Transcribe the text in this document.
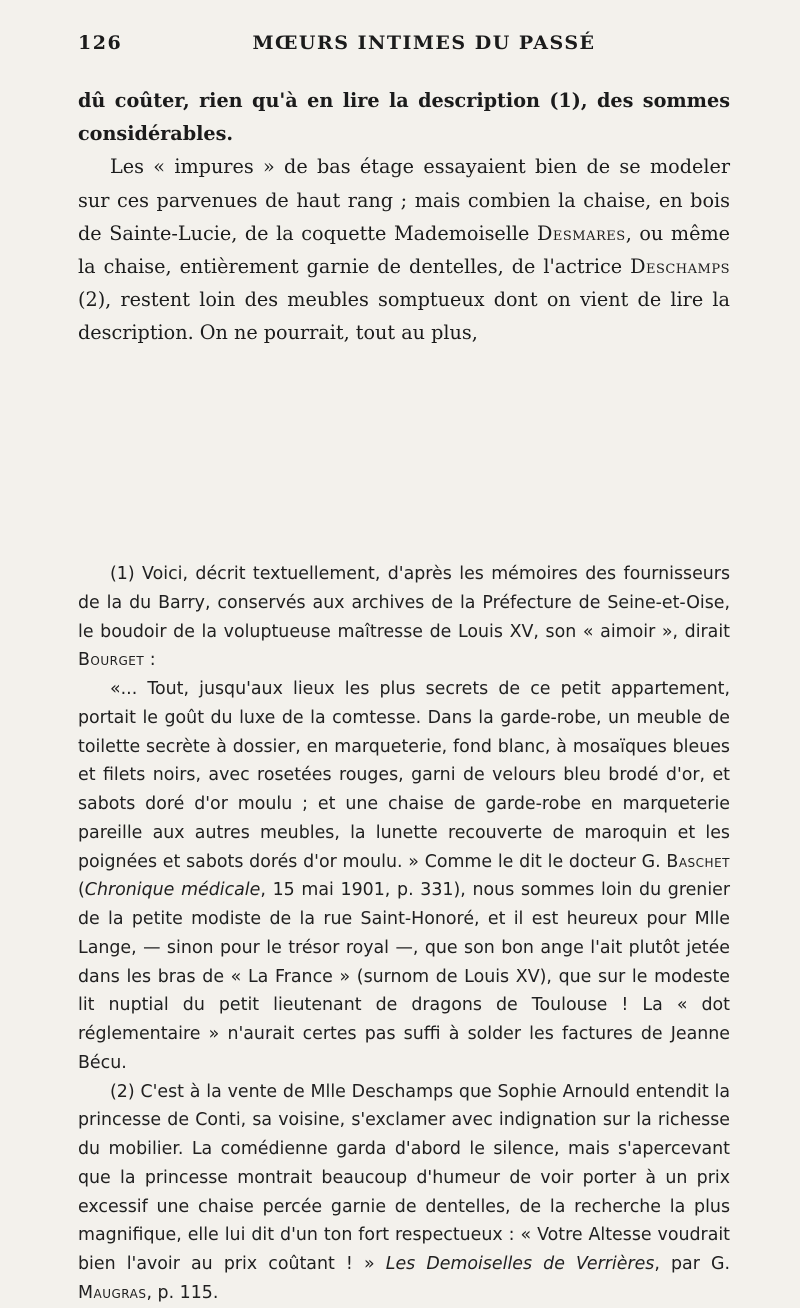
126	MŒURS INTIMES DU PASSÉ

dû coûter, rien qu'à en lire la description (1), des sommes considérables.

Les « impures » de bas étage essayaient bien de se modeler sur ces parvenues de haut rang ; mais combien la chaise, en bois de Sainte-Lucie, de la coquette Mademoiselle Desmares, ou même la chaise, entièrement garnie de dentelles, de l'actrice Deschamps (2), restent loin des meubles somptueux dont on vient de lire la description. On ne pourrait, tout au plus,

(1) Voici, décrit textuellement, d'après les mémoires des fournisseurs de la du Barry, conservés aux archives de la Préfecture de Seine-et-Oise, le boudoir de la voluptueuse maîtresse de Louis XV, son « aimoir », dirait Bourget :

«... Tout, jusqu'aux lieux les plus secrets de ce petit appartement, portait le goût du luxe de la comtesse. Dans la garde-robe, un meuble de toilette secrète à dossier, en marqueterie, fond blanc, à mosaïques bleues et filets noirs, avec rosetées rouges, garni de velours bleu brodé d'or, et sabots doré d'or moulu ; et une chaise de garde-robe en marqueterie pareille aux autres meubles, la lunette recouverte de maroquin et les poignées et sabots dorés d'or moulu. » Comme le dit le docteur G. Baschet (Chronique médicale, 15 mai 1901, p. 331), nous sommes loin du grenier de la petite modiste de la rue Saint-Honoré, et il est heureux pour Mlle Lange, — sinon pour le trésor royal —, que son bon ange l'ait plutôt jetée dans les bras de « La France » (surnom de Louis XV), que sur le modeste lit nuptial du petit lieutenant de dragons de Toulouse ! La « dot réglementaire » n'aurait certes pas suffi à solder les factures de Jeanne Bécu.

(2) C'est à la vente de Mlle Deschamps que Sophie Arnould entendit la princesse de Conti, sa voisine, s'exclamer avec indignation sur la richesse du mobilier. La comédienne garda d'abord le silence, mais s'apercevant que la princesse montrait beaucoup d'humeur de voir porter à un prix excessif une chaise percée garnie de dentelles, de la recherche la plus magnifique, elle lui dit d'un ton fort respectueux : « Votre Altesse voudrait bien l'avoir au prix coûtant ! » Les Demoiselles de Verrières, par G. Maugras, p. 115.
